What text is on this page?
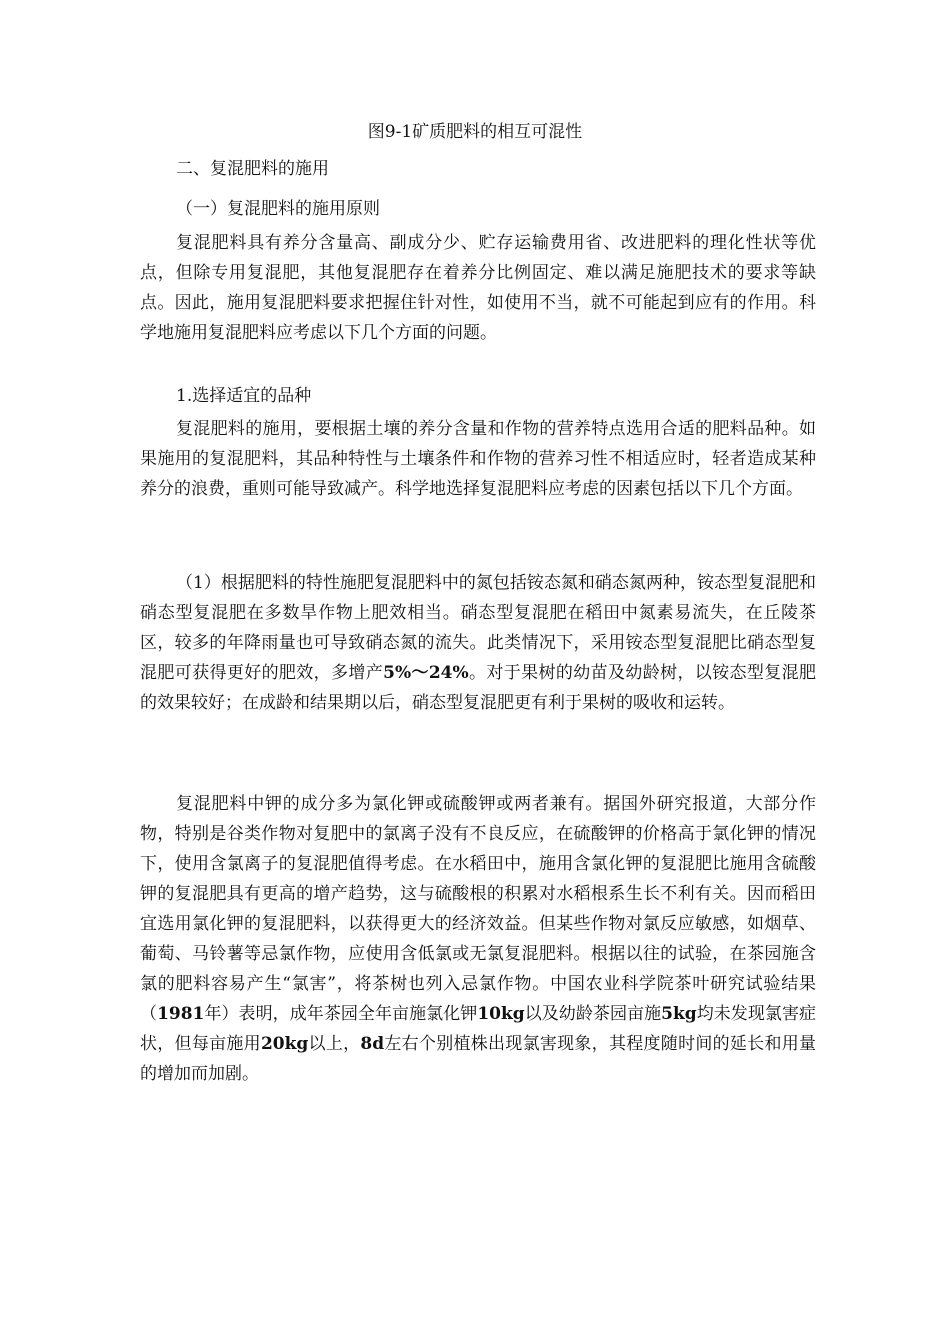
图9-1矿质肥料的相互可混性
二、复混肥料的施用
（一）复混肥料的施用原则

复混肥料具有养分含量高、副成分少、贮存运输费用省、改进肥料的理化性状等优点，但除专用复混肥，其他复混肥存在着养分比例固定、难以满足施肥技术的要求等缺点。因此，施用复混肥料要求把握住针对性，如使用不当，就不可能起到应有的作用。科学地施用复混肥料应考虑以下几个方面的问题。

1.选择适宜的品种

复混肥料的施用，要根据土壤的养分含量和作物的营养特点选用合适的肥料品种。如果施用的复混肥料，其品种特性与土壤条件和作物的营养习性不相适应时，轻者造成某种养分的浪费，重则可能导致减产。科学地选择复混肥料应考虑的因素包括以下几个方面。

（1）根据肥料的特性施肥复混肥料中的氮包括铵态氮和硝态氮两种，铵态型复混肥和硝态型复混肥在多数旱作物上肥效相当。硝态型复混肥在稻田中氮素易流失，在丘陵茶区，较多的年降雨量也可导致硝态氮的流失。此类情况下，采用铵态型复混肥比硝态型复混肥可获得更好的肥效，多增产5%～24%。对于果树的幼苗及幼龄树，以铵态型复混肥的效果较好；在成龄和结果期以后，硝态型复混肥更有利于果树的吸收和运转。

复混肥料中钾的成分多为氯化钾或硫酸钾或两者兼有。据国外研究报道，大部分作物，特别是谷类作物对复肥中的氯离子没有不良反应，在硫酸钾的价格高于氯化钾的情况下，使用含氯离子的复混肥值得考虑。在水稻田中，施用含氯化钾的复混肥比施用含硫酸钾的复混肥具有更高的增产趋势，这与硫酸根的积累对水稻根系生长不利有关。因而稻田宜选用氯化钾的复混肥料，以获得更大的经济效益。但某些作物对氯反应敏感，如烟草、葡萄、马铃薯等忌氯作物，应使用含低氯或无氯复混肥料。根据以往的试验，在茶园施含氯的肥料容易产生“氯害”，将茶树也列入忌氯作物。中国农业科学院茶叶研究试验结果（1981年）表明，成年茶园全年亩施氯化钾10kg以及幼龄茶园亩施5kg均未发现氯害症状，但每亩施用20kg以上，8d左右个别植株出现氯害现象，其程度随时间的延长和用量的增加而加剧。
